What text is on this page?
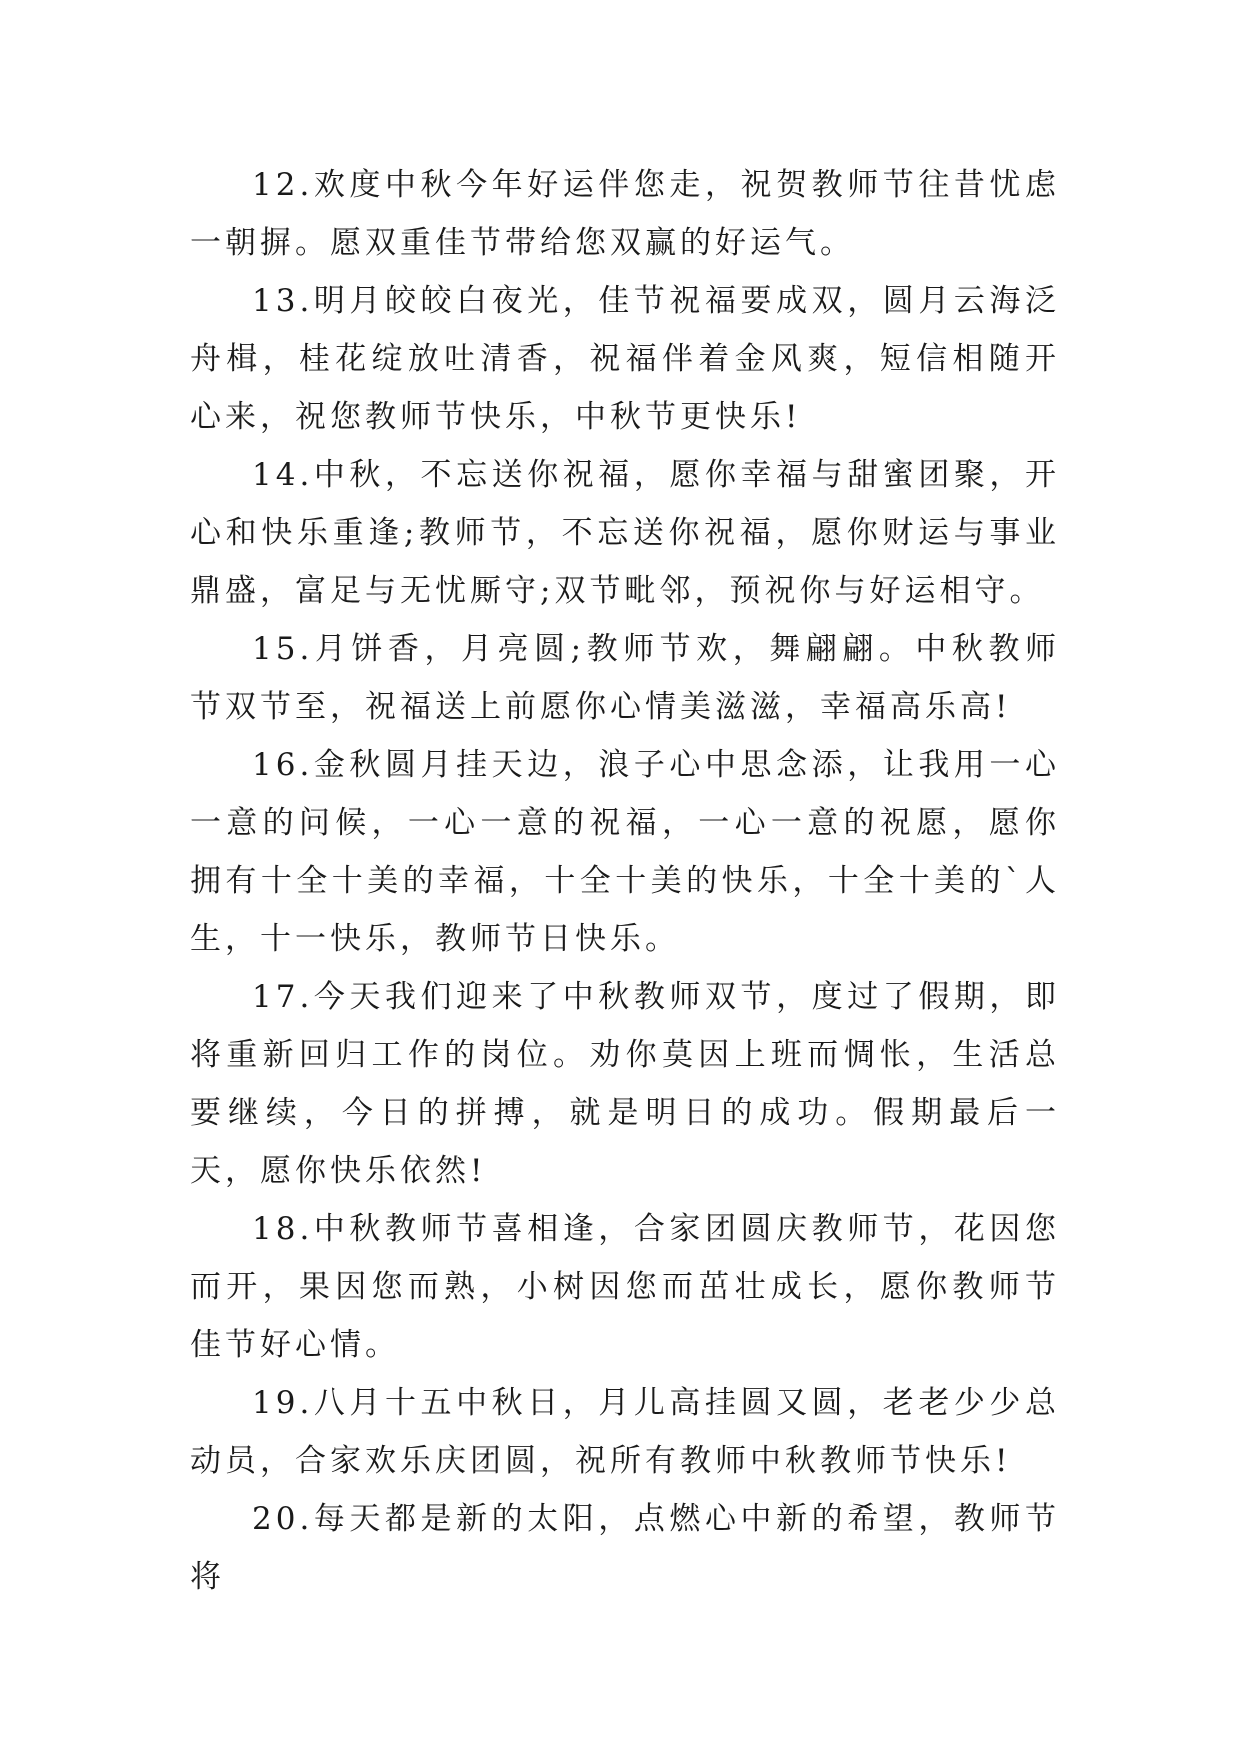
12.欢度中秋今年好运伴您走，祝贺教师节往昔忧虑一朝摒。愿双重佳节带给您双赢的好运气。

13.明月皎皎白夜光，佳节祝福要成双，圆月云海泛舟楫，桂花绽放吐清香，祝福伴着金风爽，短信相随开心来，祝您教师节快乐，中秋节更快乐!

14.中秋，不忘送你祝福，愿你幸福与甜蜜团聚，开心和快乐重逢;教师节，不忘送你祝福，愿你财运与事业鼎盛，富足与无忧厮守;双节毗邻，预祝你与好运相守。

15.月饼香，月亮圆;教师节欢，舞翩翩。中秋教师节双节至，祝福送上前愿你心情美滋滋，幸福高乐高!

16.金秋圆月挂天边，浪子心中思念添，让我用一心一意的问候，一心一意的祝福，一心一意的祝愿，愿你拥有十全十美的幸福，十全十美的快乐，十全十美的`人生，十一快乐，教师节日快乐。

17.今天我们迎来了中秋教师双节，度过了假期，即将重新回归工作的岗位。劝你莫因上班而惆怅，生活总要继续，今日的拼搏，就是明日的成功。假期最后一天，愿你快乐依然!

18.中秋教师节喜相逢，合家团圆庆教师节，花因您而开，果因您而熟，小树因您而茁壮成长，愿你教师节佳节好心情。

19.八月十五中秋日，月儿高挂圆又圆，老老少少总动员，合家欢乐庆团圆，祝所有教师中秋教师节快乐!

20.每天都是新的太阳，点燃心中新的希望，教师节将
